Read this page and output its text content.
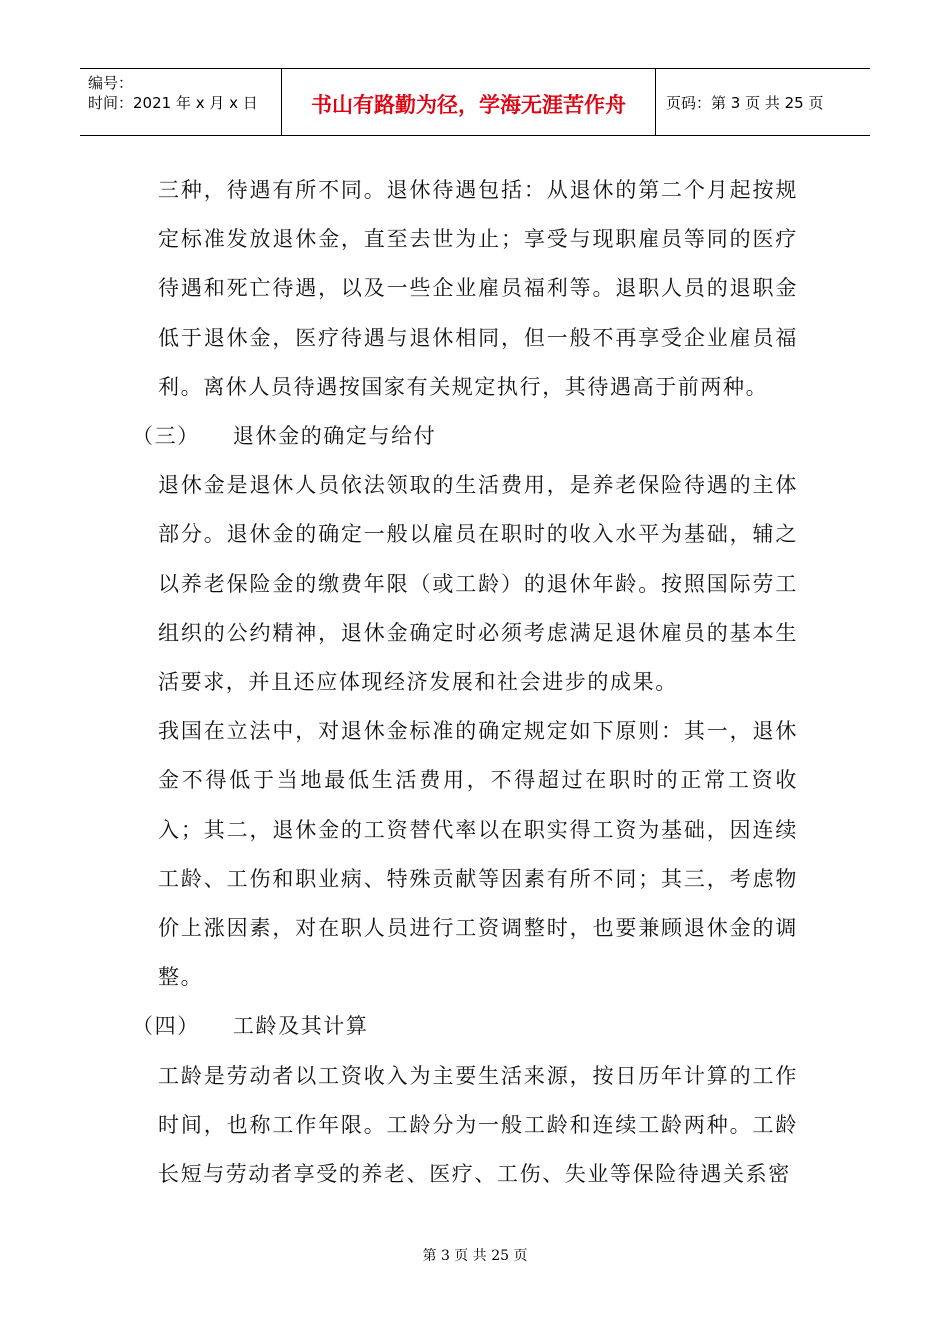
编号：
时间：2021 年 x 月 x 日	书山有路勤为径，学海无涯苦作舟	页码：第 3 页 共 25 页

三种，待遇有所不同。退休待遇包括：从退休的第二个月起按规定标准发放退休金，直至去世为止；享受与现职雇员等同的医疗待遇和死亡待遇，以及一些企业雇员福利等。退职人员的退职金低于退休金，医疗待遇与退休相同，但一般不再享受企业雇员福利。离休人员待遇按国家有关规定执行，其待遇高于前两种。

（三）    退休金的确定与给付

退休金是退休人员依法领取的生活费用，是养老保险待遇的主体部分。退休金的确定一般以雇员在职时的收入水平为基础，辅之以养老保险金的缴费年限（或工龄）的退休年龄。按照国际劳工组织的公约精神，退休金确定时必须考虑满足退休雇员的基本生活要求，并且还应体现经济发展和社会进步的成果。

我国在立法中，对退休金标准的确定规定如下原则：其一，退休金不得低于当地最低生活费用，不得超过在职时的正常工资收入；其二，退休金的工资替代率以在职实得工资为基础，因连续工龄、工伤和职业病、特殊贡献等因素有所不同；其三，考虑物价上涨因素，对在职人员进行工资调整时，也要兼顾退休金的调整。

（四）    工龄及其计算

工龄是劳动者以工资收入为主要生活来源，按日历年计算的工作时间，也称工作年限。工龄分为一般工龄和连续工龄两种。工龄长短与劳动者享受的养老、医疗、工伤、失业等保险待遇关系密

第 3 页 共 25 页
